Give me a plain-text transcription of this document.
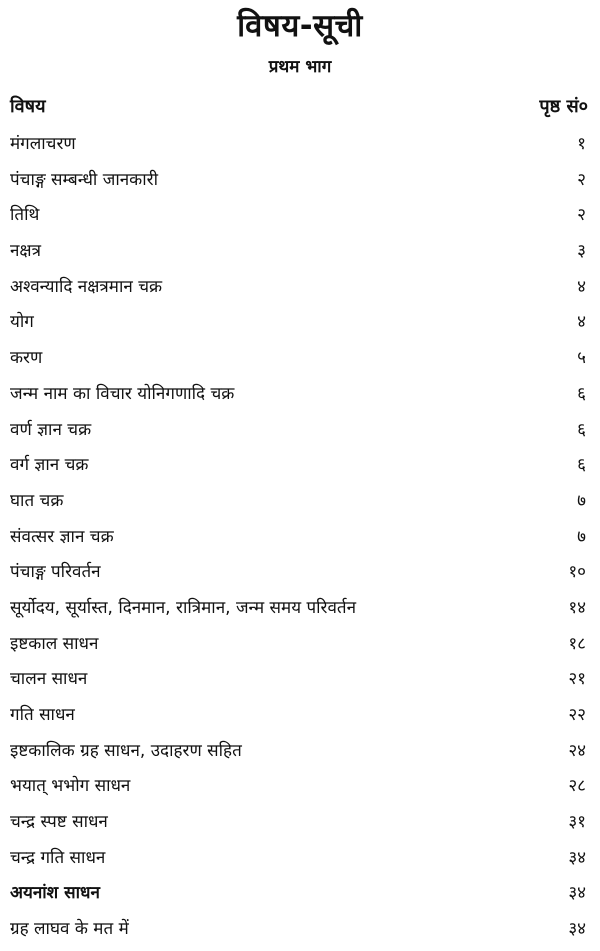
विषय-सूची
प्रथम भाग
विषय	पृष्ठ सं०
मंगलाचरण	१
पंचाङ्ग सम्बन्धी जानकारी	२
तिथि	२
नक्षत्र	३
अश्वन्यादि नक्षत्रमान चक्र	४
योग	४
करण	५
जन्म नाम का विचार योनिगणादि चक्र	६
वर्ण ज्ञान चक्र	६
वर्ग ज्ञान चक्र	६
घात चक्र	७
संवत्सर ज्ञान चक्र	७
पंचाङ्ग परिवर्तन	१०
सूर्योदय, सूर्यास्त, दिनमान, रात्रिमान, जन्म समय परिवर्तन	१४
इष्टकाल साधन	१८
चालन साधन	२१
गति साधन	२२
इष्टकालिक ग्रह साधन, उदाहरण सहित	२४
भयात् भभोग साधन	२८
चन्द्र स्पष्ट साधन	३१
चन्द्र गति साधन	३४
अयनांश साधन	३४
ग्रह लाघव के मत में	३४
